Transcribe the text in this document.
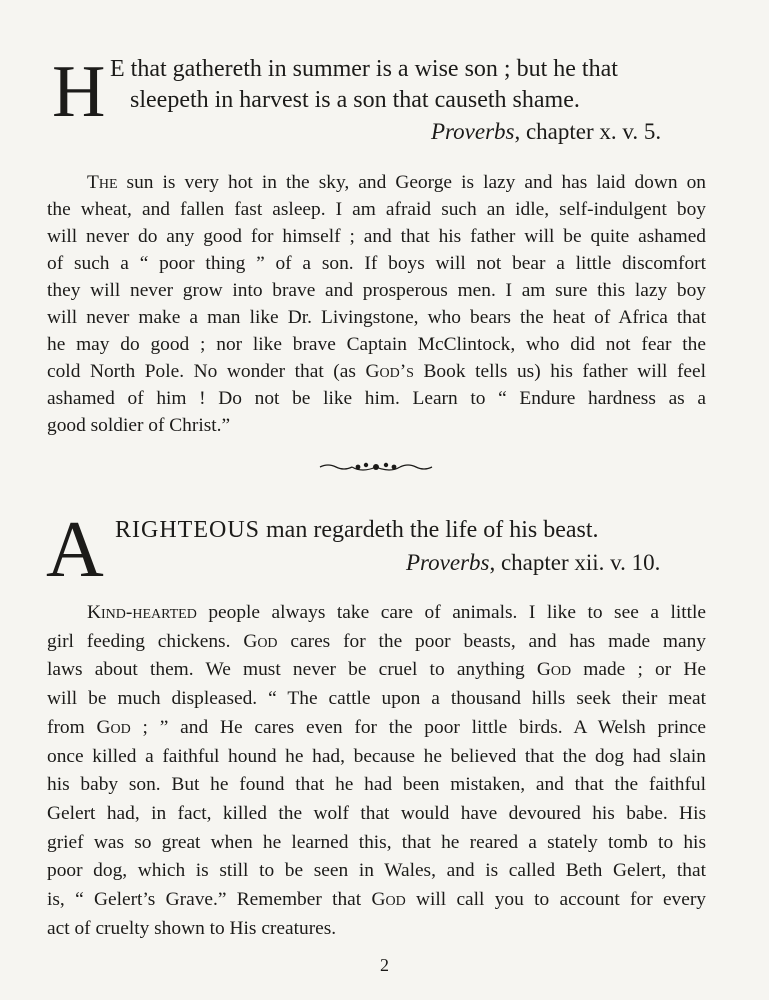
H E that gathereth in summer is a wise son ; but he that
sleepeth in harvest is a son that causeth shame.
Proverbs, chapter x. v. 5.
The sun is very hot in the sky, and George is lazy and has laid down on
the wheat, and fallen fast asleep. I am afraid such an idle, self-indulgent boy
will never do any good for himself ; and that his father will be quite ashamed
of such a “ poor thing ” of a son. If boys will not bear a little discomfort
they will never grow into brave and prosperous men. I am sure this lazy boy
will never make a man like Dr. Livingstone, who bears the heat of Africa that
he may do good ; nor like brave Captain McClintock, who did not fear the
cold North Pole. No wonder that (as God’s Book tells us) his father will feel
ashamed of him ! Do not be like him. Learn to “ Endure hardness as a
good soldier of Christ.”
A RIGHTEOUS man regardeth the life of his beast.
Proverbs, chapter xii. v. 10.
Kind-hearted people always take care of animals. I like to see a little
girl feeding chickens. God cares for the poor beasts, and has made many
laws about them. We must never be cruel to anything God made ; or He
will be much displeased. “ The cattle upon a thousand hills seek their meat
from God ; ” and He cares even for the poor little birds. A Welsh prince
once killed a faithful hound he had, because he believed that the dog had slain
his baby son. But he found that he had been mistaken, and that the faithful
Gelert had, in fact, killed the wolf that would have devoured his babe. His
grief was so great when he learned this, that he reared a stately tomb to his
poor dog, which is still to be seen in Wales, and is called Beth Gelert, that
is, “ Gelert’s Grave.” Remember that God will call you to account for every
act of cruelty shown to His creatures.
2
